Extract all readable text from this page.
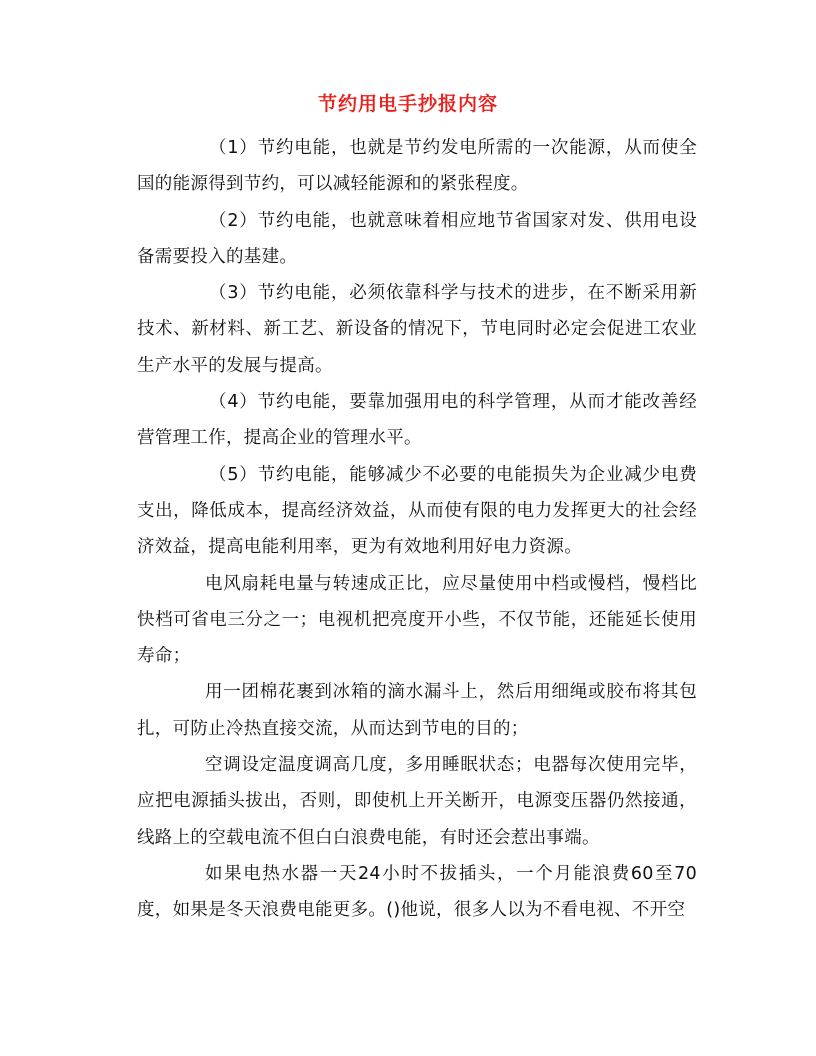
节约用电手抄报内容

（1）节约电能，也就是节约发电所需的一次能源，从而使全国的能源得到节约，可以减轻能源和的紧张程度。

（2）节约电能，也就意味着相应地节省国家对发、供用电设备需要投入的基建。

（3）节约电能，必须依靠科学与技术的进步，在不断采用新技术、新材料、新工艺、新设备的情况下，节电同时必定会促进工农业生产水平的发展与提高。

（4）节约电能，要靠加强用电的科学管理，从而才能改善经营管理工作，提高企业的管理水平。

（5）节约电能，能够减少不必要的电能损失为企业减少电费支出，降低成本，提高经济效益，从而使有限的电力发挥更大的社会经济效益，提高电能利用率，更为有效地利用好电力资源。

电风扇耗电量与转速成正比，应尽量使用中档或慢档，慢档比快档可省电三分之一；电视机把亮度开小些，不仅节能，还能延长使用寿命；

用一团棉花裹到冰箱的滴水漏斗上，然后用细绳或胶布将其包扎，可防止冷热直接交流，从而达到节电的目的；

空调设定温度调高几度，多用睡眠状态；电器每次使用完毕，应把电源插头拔出，否则，即使机上开关断开，电源变压器仍然接通，线路上的空载电流不但白白浪费电能，有时还会惹出事端。

如果电热水器一天24小时不拔插头，一个月能浪费60至70度，如果是冬天浪费电能更多。()他说，很多人以为不看电视、不开空
